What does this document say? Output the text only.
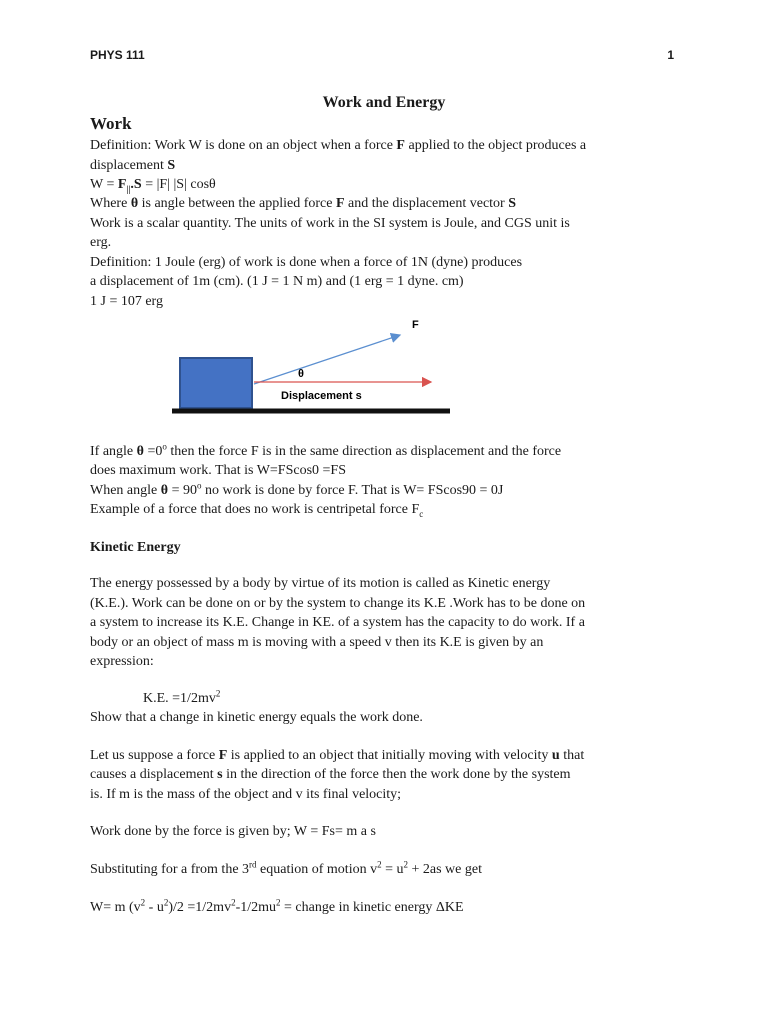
PHYS 111	1
Work and Energy
Work
Definition: Work W is done on an object when a force F applied to the object produces a
displacement S
$W = F_{||}.S = |F|$ |S| cosθ
Where θ is angle between the applied force F and the displacement vector S
Work is a scalar quantity. The units of work in the SI system is Joule, and CGS unit is
erg.
Definition: 1 Joule (erg) of work is done when a force of 1N (dyne) produces
a displacement of 1m (cm). (1 J = 1 N m) and (1 erg = 1 dyne. cm)
1 J = 107 erg
F
θ
Displacement s
If angle $\theta =0^o$ then the force F is in the same direction as displacement and the force
does maximum work. That is W=FScos0 =FS
When angle $\theta = 90^o$ no work is done by force F. That is W= FScos90 = 0J
Example of a force that does no work is centripetal force $F_c$
Kinetic Energy
The energy possessed by a body by virtue of its motion is called as Kinetic energy
(K.E.). Work can be done on or by the system to change its K.E .Work has to be done on
a system to increase its K.E. Change in KE. of a system has the capacity to do work. If a
body or an object of mass m is moving with a speed v then its K.E is given by an
expression:
K.E. $=1/2mv^2$
Show that a change in kinetic energy equals the work done.
Let us suppose a force F is applied to an object that initially moving with velocity u that
causes a displacement s in the direction of the force then the work done by the system
is. If m is the mass of the object and v its final velocity;
Work done by the force is given by; W = Fs= m a s
Substituting for a from the 3rd equation of motion $v^2 = u^2 + 2as$ we get
W= m $(v^2 - u^2)/2 =1/2mv^2-1/2mu^2$ = change in kinetic energy ΔKE
